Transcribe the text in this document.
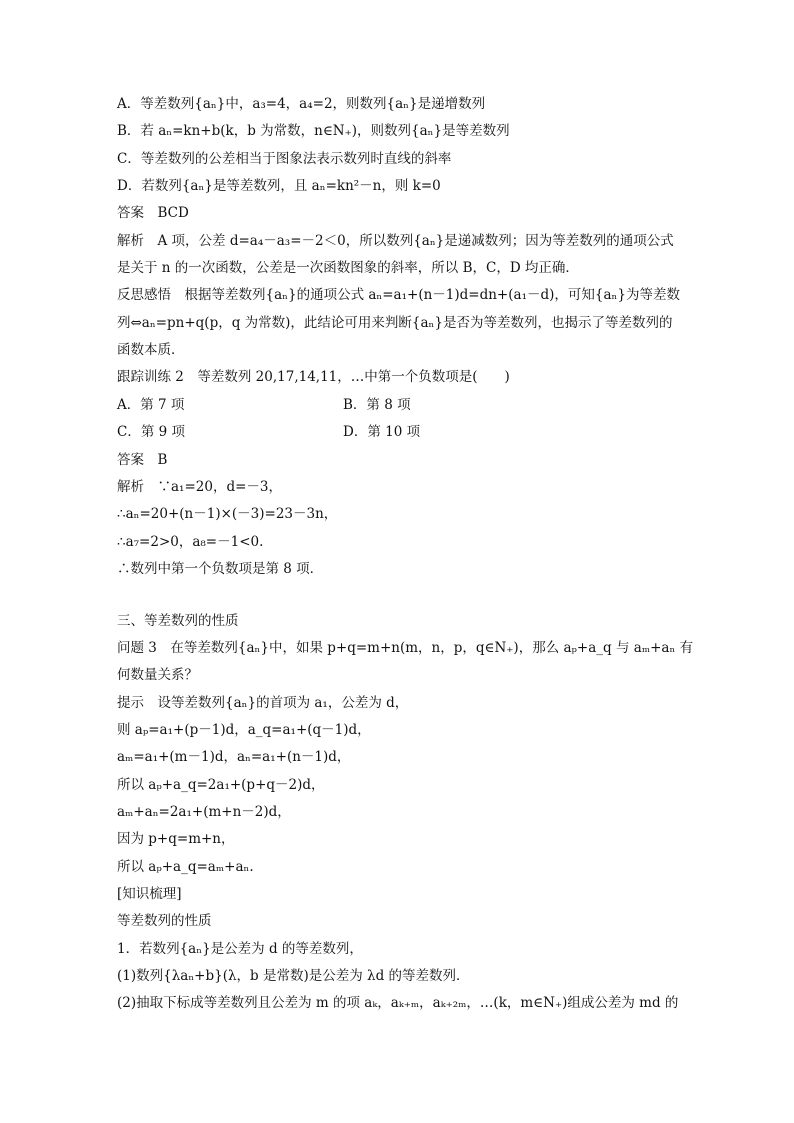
A．等差数列{aₙ}中，a₃=4，a₄=2，则数列{aₙ}是递增数列
B．若 aₙ=kn+b(k，b 为常数，n∈N₊)，则数列{aₙ}是等差数列
C．等差数列的公差相当于图象法表示数列时直线的斜率
D．若数列{aₙ}是等差数列，且 aₙ=kn²－n，则 k=0
答案　BCD
解析　A 项，公差 d=a₄－a₃=－2＜0，所以数列{aₙ}是递减数列；因为等差数列的通项公式
是关于 n 的一次函数，公差是一次函数图象的斜率，所以 B，C，D 均正确．
反思感悟　根据等差数列{aₙ}的通项公式 aₙ=a₁+(n－1)d=dn+(a₁－d)，可知{aₙ}为等差数
列⇔aₙ=pn+q(p，q 为常数)，此结论可用来判断{aₙ}是否为等差数列，也揭示了等差数列的
函数本质．
跟踪训练 2　等差数列 20,17,14,11，…中第一个负数项是(　　)
A．第 7 项	B．第 8 项
C．第 9 项	D．第 10 项
答案　B
解析　∵a₁=20，d=－3，
∴aₙ=20+(n－1)×(－3)=23－3n，
∴a₇=2>0，a₈=－1<0.
∴数列中第一个负数项是第 8 项．
三、等差数列的性质
问题 3　在等差数列{aₙ}中，如果 p+q=m+n(m，n，p，q∈N₊)，那么 aₚ+a_q 与 aₘ+aₙ 有
何数量关系？
提示　设等差数列{aₙ}的首项为 a₁，公差为 d，
则 aₚ=a₁+(p－1)d，a_q=a₁+(q－1)d，
aₘ=a₁+(m－1)d，aₙ=a₁+(n－1)d，
所以 aₚ+a_q=2a₁+(p+q－2)d，
aₘ+aₙ=2a₁+(m+n－2)d，
因为 p+q=m+n，
所以 aₚ+a_q=aₘ+aₙ.
[知识梳理]
等差数列的性质
1．若数列{aₙ}是公差为 d 的等差数列，
(1)数列{λaₙ+b}(λ，b 是常数)是公差为 λd 的等差数列．
(2)抽取下标成等差数列且公差为 m 的项 aₖ，aₖ₊ₘ，aₖ₊₂ₘ，…(k，m∈N₊)组成公差为 md 的
